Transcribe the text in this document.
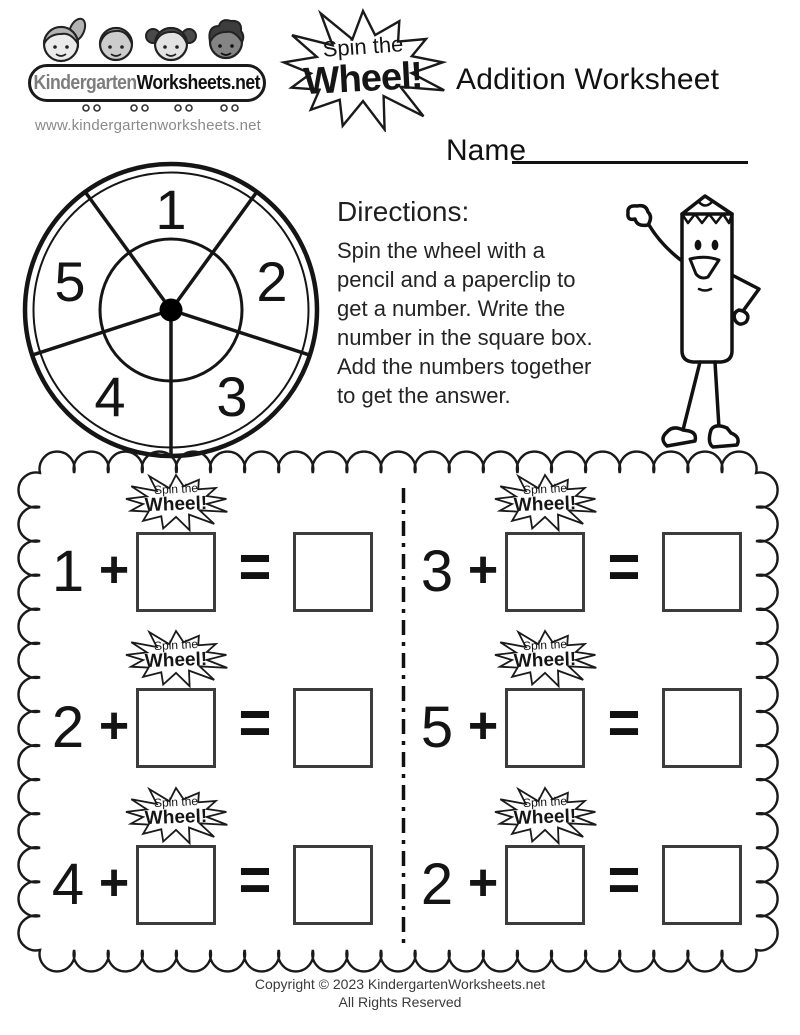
KindergartenWorksheets.net
www.kindergartenworksheets.net
Spin the
Wheel!	Addition Worksheet
Name
1
2
3
4
5
Directions:
Spin the wheel with a
pencil and a paperclip to
get a number. Write the
number in the square box.
Add the numbers together
to get the answer.
Spin the
Wheel!
1 + =
Spin the
Wheel!
3 + =
Spin the
Wheel!
2 + =
Spin the
Wheel!
5 + =
Spin the
Wheel!
4 + =
Spin the
Wheel!
2 + =
Copyright © 2023 KindergartenWorksheets.net
All Rights Reserved
